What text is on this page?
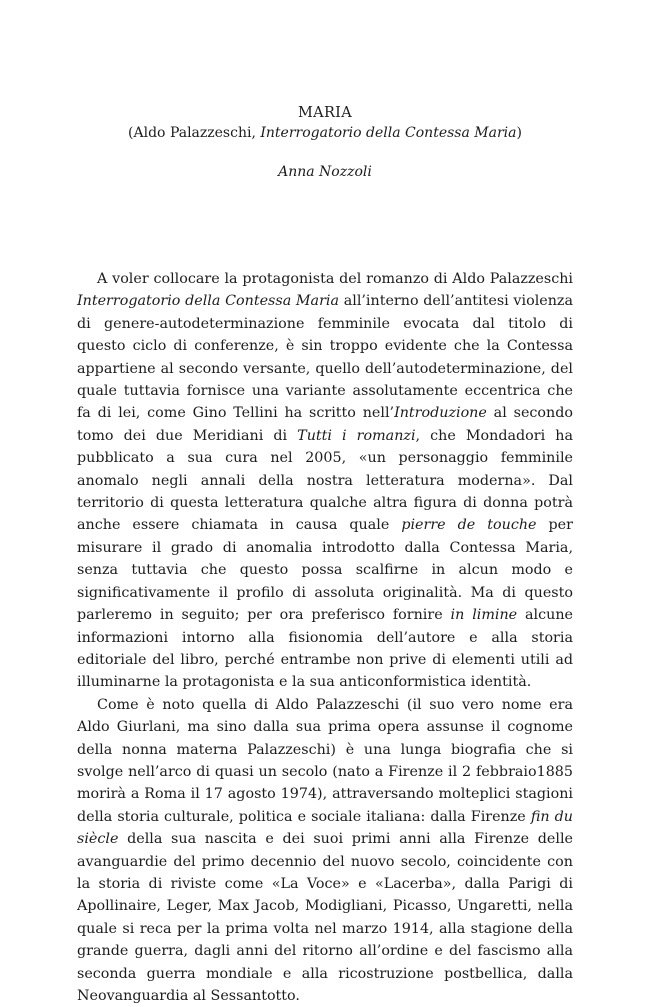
MARIA
(Aldo Palazzeschi, Interrogatorio della Contessa Maria)
Anna Nozzoli

A voler collocare la protagonista del romanzo di Aldo Palazzeschi Interrogatorio della Contessa Maria all’interno dell’antitesi violenza di genere-autodeterminazione femminile evocata dal titolo di questo ciclo di conferenze, è sin troppo evidente che la Contessa appartiene al secondo versante, quello dell’autodeterminazione, del quale tuttavia fornisce una variante assolutamente eccentrica che fa di lei, come Gino Tellini ha scritto nell’Introduzione al secondo tomo dei due Meridiani di Tutti i romanzi, che Mondadori ha pubblicato a sua cura nel 2005, «un personaggio femminile anomalo negli annali della nostra letteratura moderna». Dal territorio di questa letteratura qualche altra figura di donna potrà anche essere chiamata in causa quale pierre de touche per misurare il grado di anomalia introdotto dalla Contessa Maria, senza tuttavia che questo possa scalfirne in alcun modo e significativamente il profilo di assoluta originalità. Ma di questo parleremo in seguito; per ora preferisco fornire in limine alcune informazioni intorno alla fisionomia dell’autore e alla storia editoriale del libro, perché entrambe non prive di elementi utili ad illuminarne la protagonista e la sua anticonformistica identità.

Come è noto quella di Aldo Palazzeschi (il suo vero nome era Aldo Giurlani, ma sino dalla sua prima opera assunse il cognome della nonna materna Palazzeschi) è una lunga biografia che si svolge nell’arco di quasi un secolo (nato a Firenze il 2 febbraio1885 morirà a Roma il 17 agosto 1974), attraversando molteplici stagioni della storia culturale, politica e sociale italiana: dalla Firenze fin du siècle della sua nascita e dei suoi primi anni alla Firenze delle avanguardie del primo decennio del nuovo secolo, coincidente con la storia di riviste come «La Voce» e «Lacerba», dalla Parigi di Apollinaire, Leger, Max Jacob, Modigliani, Picasso, Ungaretti, nella quale si reca per la prima volta nel marzo 1914, alla stagione della grande guerra, dagli anni del ritorno all’ordine e del fascismo alla seconda guerra mondiale e alla ricostruzione postbellica, dalla Neovanguardia al Sessantotto.
